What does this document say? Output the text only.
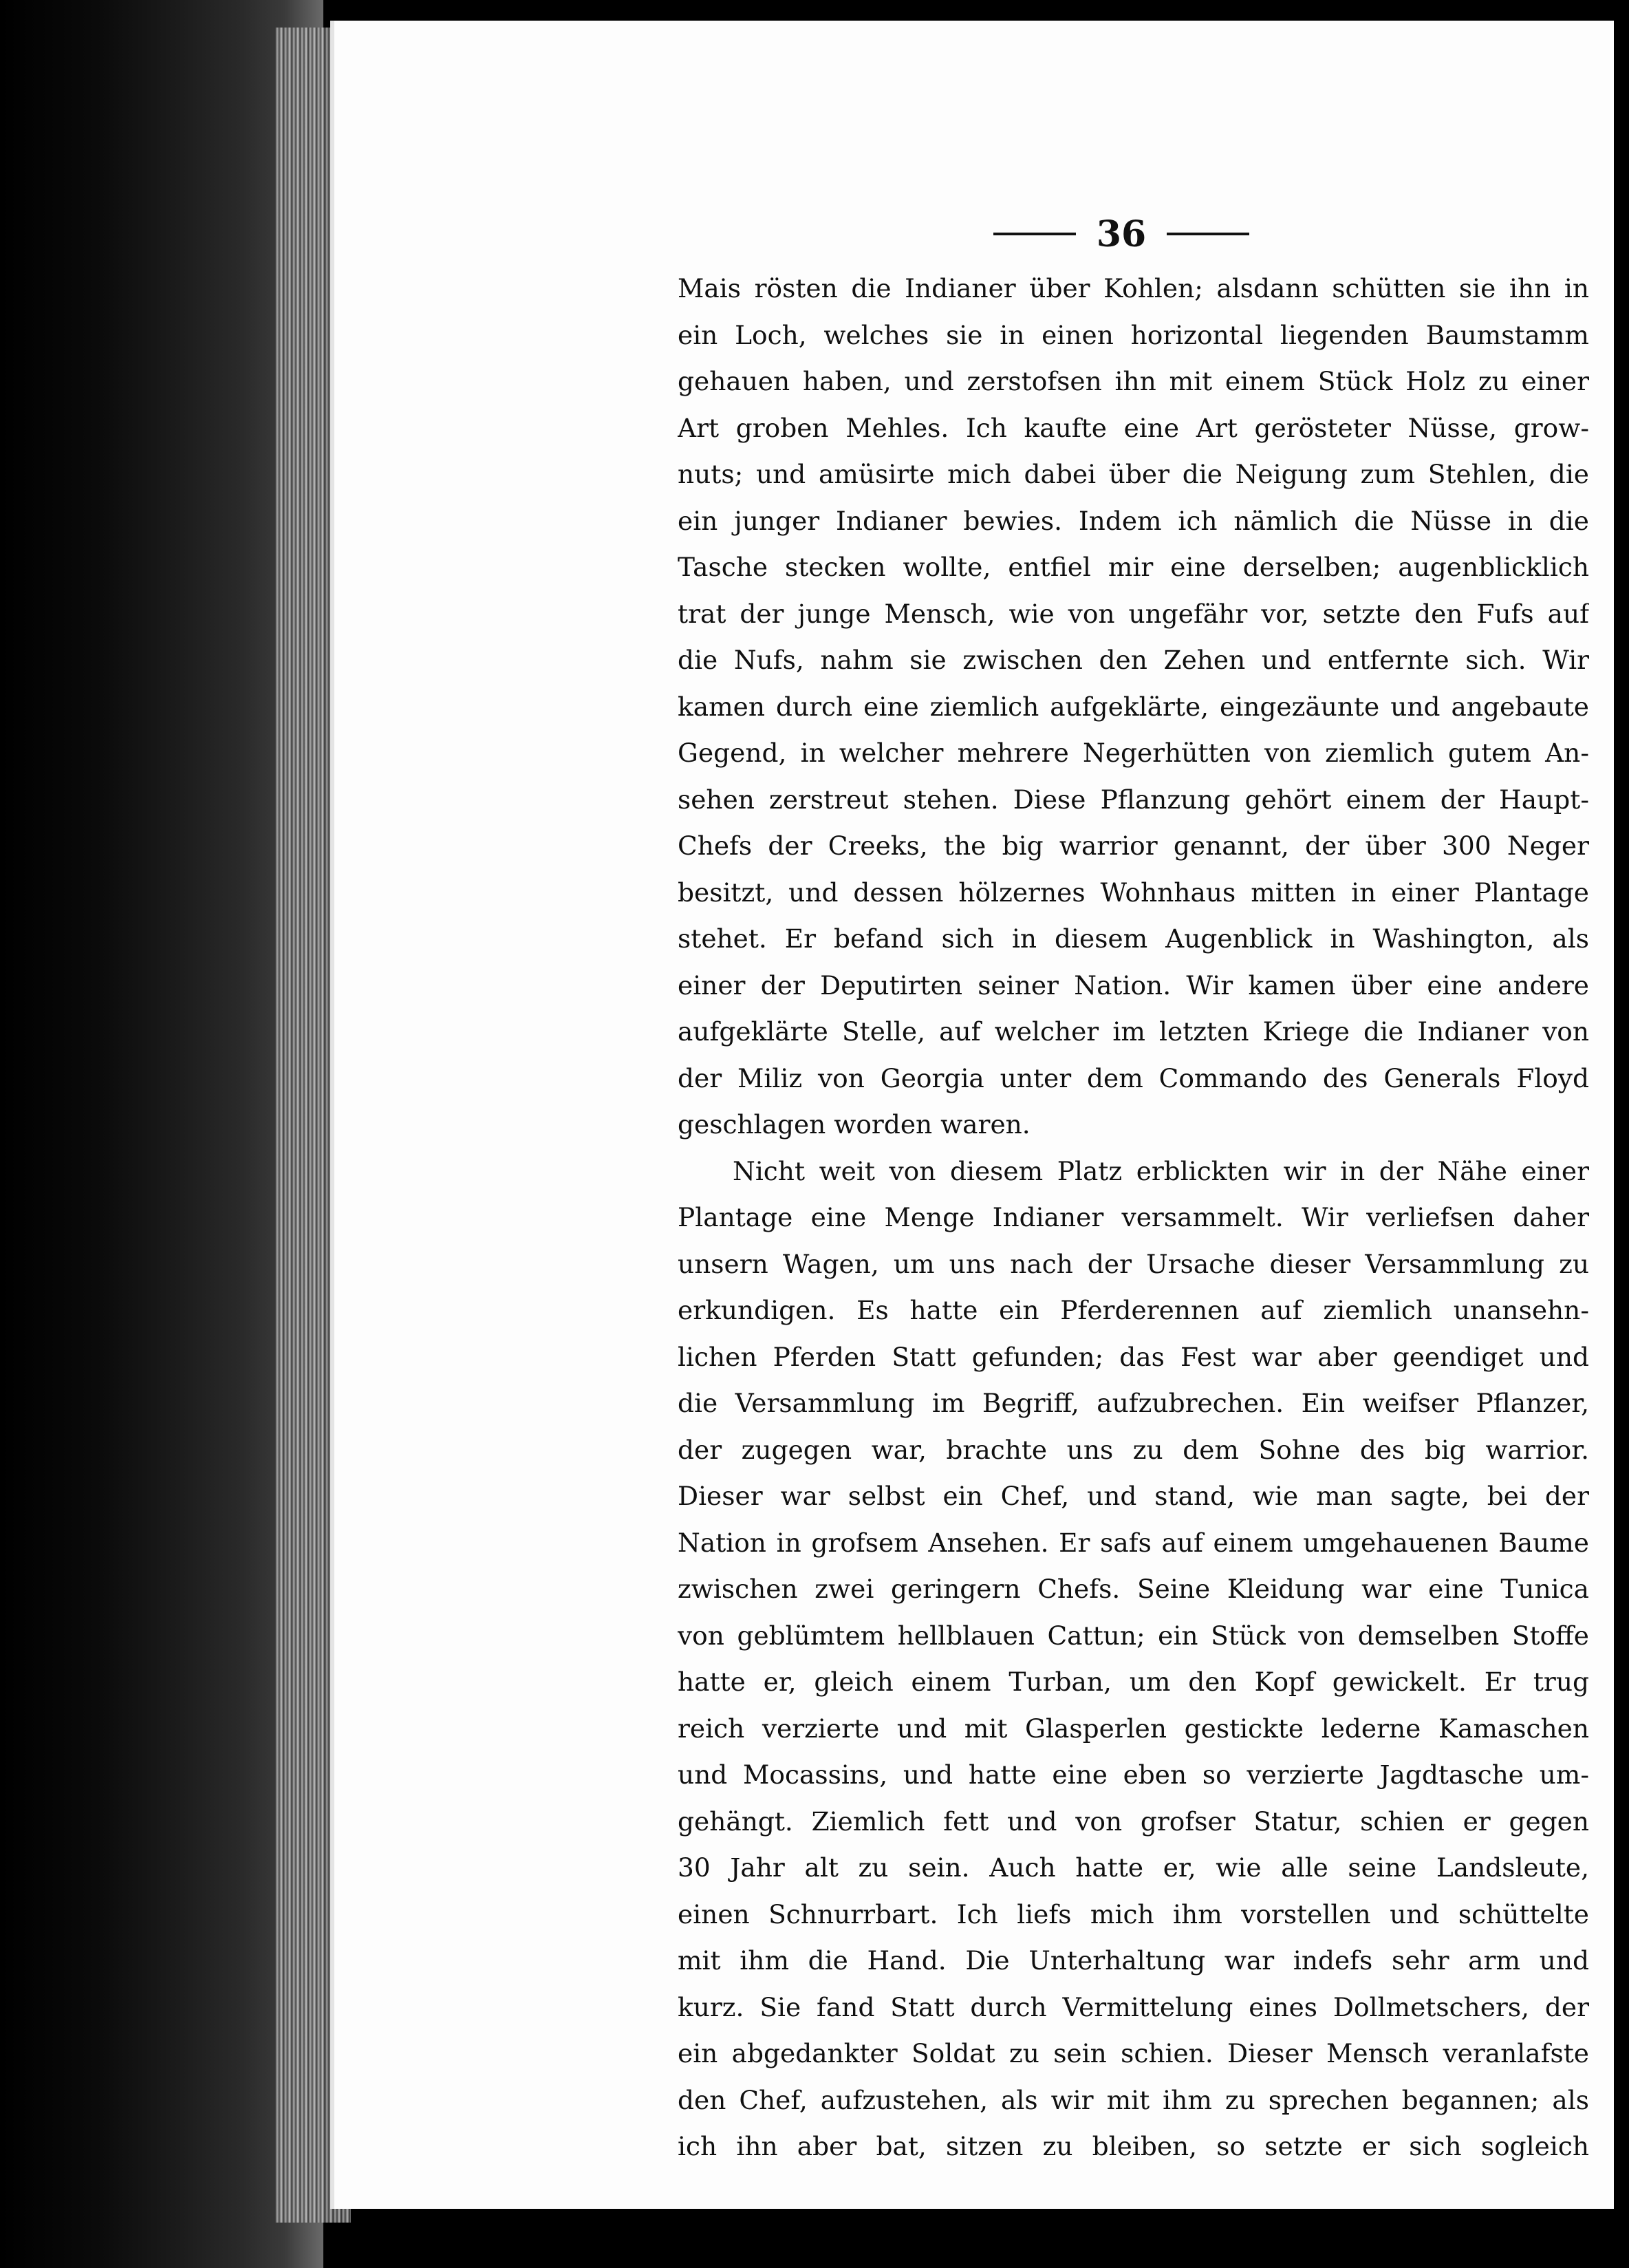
36
Mais rösten die Indianer über Kohlen; alsdann schütten sie ihn in
ein Loch, welches sie in einen horizontal liegenden Baumstamm
gehauen haben, und zerstofsen ihn mit einem Stück Holz zu einer
Art groben Mehles. Ich kaufte eine Art gerösteter Nüsse, grow-
nuts; und amüsirte mich dabei über die Neigung zum Stehlen, die
ein junger Indianer bewies. Indem ich nämlich die Nüsse in die
Tasche stecken wollte, entfiel mir eine derselben; augenblicklich
trat der junge Mensch, wie von ungefähr vor, setzte den Fufs auf
die Nufs, nahm sie zwischen den Zehen und entfernte sich. Wir
kamen durch eine ziemlich aufgeklärte, eingezäunte und angebaute
Gegend, in welcher mehrere Negerhütten von ziemlich gutem An-
sehen zerstreut stehen. Diese Pflanzung gehört einem der Haupt-
Chefs der Creeks, the big warrior genannt, der über 300 Neger
besitzt, und dessen hölzernes Wohnhaus mitten in einer Plantage
stehet. Er befand sich in diesem Augenblick in Washington, als
einer der Deputirten seiner Nation. Wir kamen über eine andere
aufgeklärte Stelle, auf welcher im letzten Kriege die Indianer von
der Miliz von Georgia unter dem Commando des Generals Floyd
geschlagen worden waren.
Nicht weit von diesem Platz erblickten wir in der Nähe einer
Plantage eine Menge Indianer versammelt. Wir verliefsen daher
unsern Wagen, um uns nach der Ursache dieser Versammlung zu
erkundigen. Es hatte ein Pferderennen auf ziemlich unansehn-
lichen Pferden Statt gefunden; das Fest war aber geendiget und
die Versammlung im Begriff, aufzubrechen. Ein weifser Pflanzer,
der zugegen war, brachte uns zu dem Sohne des big warrior.
Dieser war selbst ein Chef, und stand, wie man sagte, bei der
Nation in grofsem Ansehen. Er safs auf einem umgehauenen Baume
zwischen zwei geringern Chefs. Seine Kleidung war eine Tunica
von geblümtem hellblauen Cattun; ein Stück von demselben Stoffe
hatte er, gleich einem Turban, um den Kopf gewickelt. Er trug
reich verzierte und mit Glasperlen gestickte lederne Kamaschen
und Mocassins, und hatte eine eben so verzierte Jagdtasche um-
gehängt. Ziemlich fett und von grofser Statur, schien er gegen
30 Jahr alt zu sein. Auch hatte er, wie alle seine Landsleute,
einen Schnurrbart. Ich liefs mich ihm vorstellen und schüttelte
mit ihm die Hand. Die Unterhaltung war indefs sehr arm und
kurz. Sie fand Statt durch Vermittelung eines Dollmetschers, der
ein abgedankter Soldat zu sein schien. Dieser Mensch veranlafste
den Chef, aufzustehen, als wir mit ihm zu sprechen begannen; als
ich ihn aber bat, sitzen zu bleiben, so setzte er sich sogleich
